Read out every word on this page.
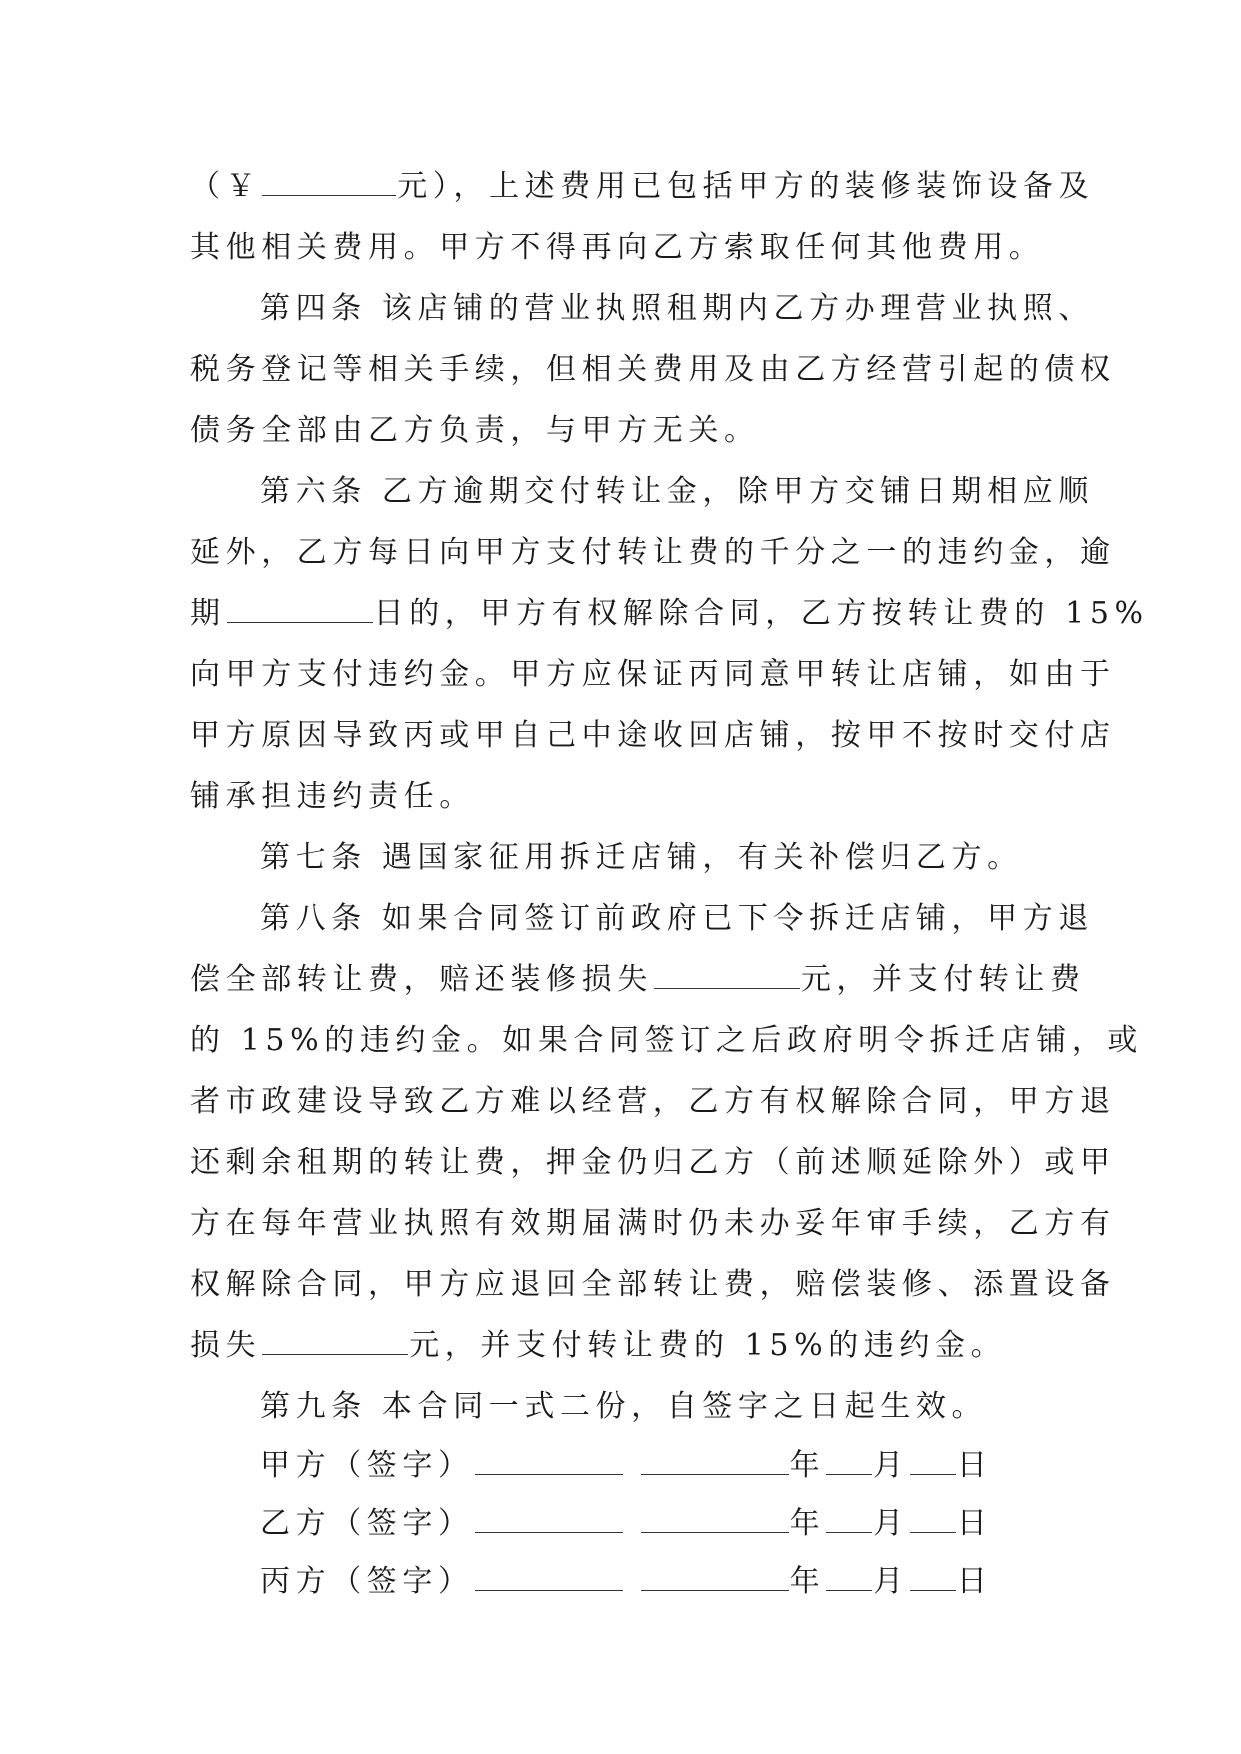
（￥	元），上述费用已包括甲方的装修装饰设备及
其他相关费用。甲方不得再向乙方索取任何其他费用。
第四条 该店铺的营业执照租期内乙方办理营业执照、
税务登记等相关手续，但相关费用及由乙方经营引起的债权
债务全部由乙方负责，与甲方无关。
第六条 乙方逾期交付转让金，除甲方交铺日期相应顺
延外，乙方每日向甲方支付转让费的千分之一的违约金，逾
期	日的，甲方有权解除合同，乙方按转让费的 15%
向甲方支付违约金。甲方应保证丙同意甲转让店铺，如由于
甲方原因导致丙或甲自己中途收回店铺，按甲不按时交付店
铺承担违约责任。
第七条 遇国家征用拆迁店铺，有关补偿归乙方。
第八条 如果合同签订前政府已下令拆迁店铺，甲方退
偿全部转让费，赔还装修损失	元，并支付转让费
的 15%的违约金。如果合同签订之后政府明令拆迁店铺，或
者市政建设导致乙方难以经营，乙方有权解除合同，甲方退
还剩余租期的转让费，押金仍归乙方（前述顺延除外）或甲
方在每年营业执照有效期届满时仍未办妥年审手续，乙方有
权解除合同，甲方应退回全部转让费，赔偿装修、添置设备
损失	元，并支付转让费的 15%的违约金。
第九条 本合同一式二份，自签字之日起生效。
甲方（签字）	年 月 日
乙方（签字）	年 月 日
丙方（签字）	年 月 日
